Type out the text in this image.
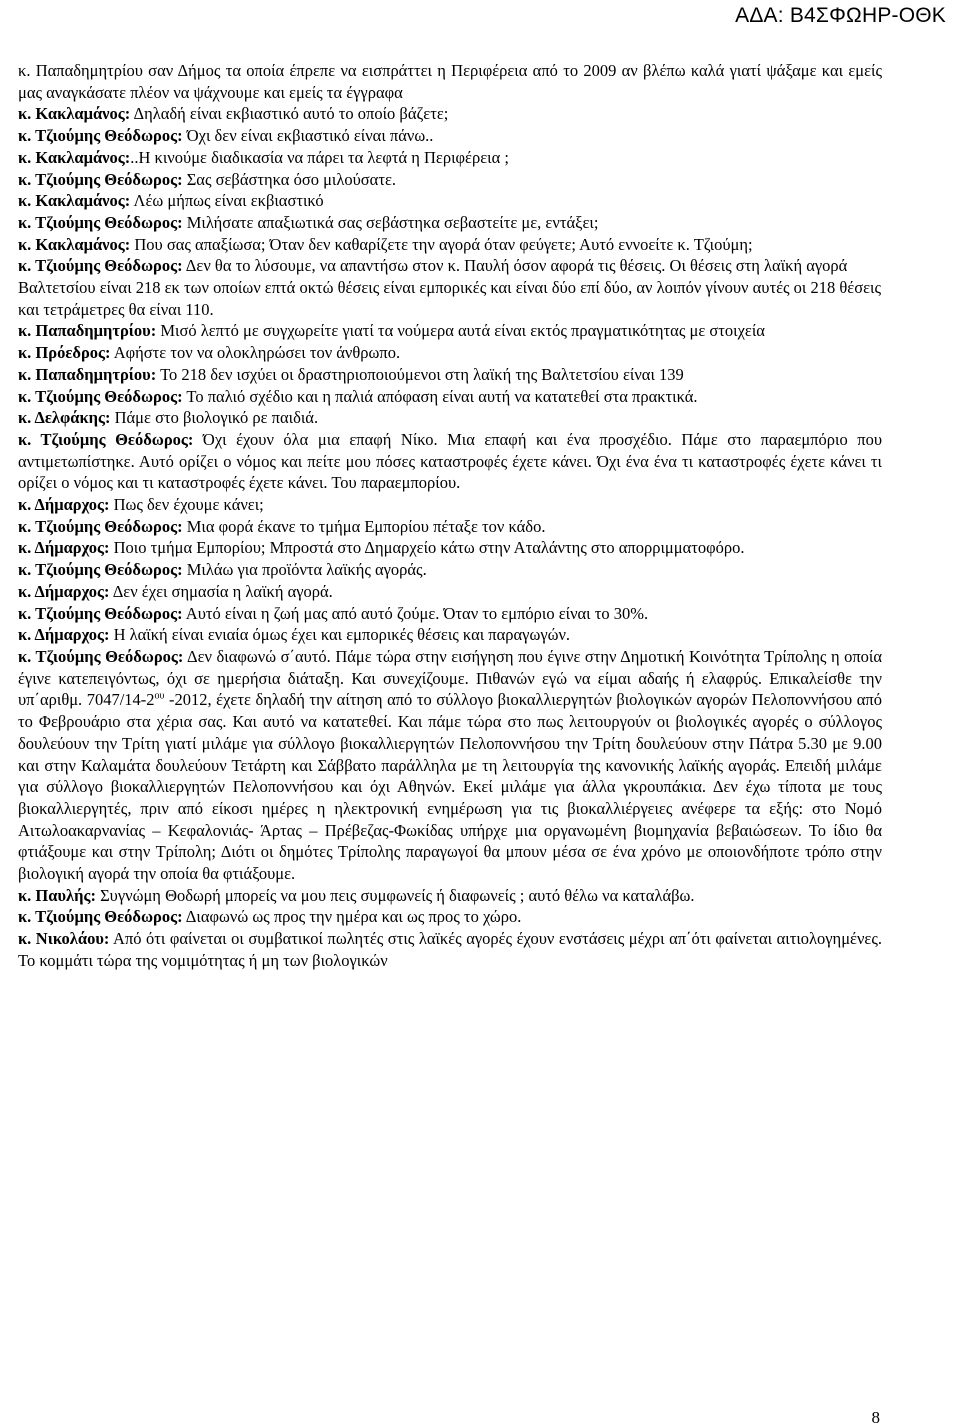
ΑΔΑ: Β4ΣΦΩΗΡ-ΟΘΚ

κ. Παπαδημητρίου σαν Δήμος τα οποία έπρεπε να εισπράττει η Περιφέρεια από το 2009 αν βλέπω καλά γιατί ψάξαμε και εμείς μας αναγκάσατε πλέον να ψάχνουμε και εμείς τα έγγραφα

κ. Κακλαμάνος: Δηλαδή είναι εκβιαστικό αυτό το οποίο βάζετε;

κ. Τζιούμης Θεόδωρος: Όχι δεν είναι εκβιαστικό είναι πάνω..

κ. Κακλαμάνος:..Η κινούμε διαδικασία να πάρει τα λεφτά η Περιφέρεια ;

κ. Τζιούμης Θεόδωρος: Σας σεβάστηκα όσο μιλούσατε.

κ. Κακλαμάνος: Λέω μήπως είναι εκβιαστικό

κ. Τζιούμης Θεόδωρος: Μιλήσατε απαξιωτικά σας σεβάστηκα σεβαστείτε με, εντάξει;

κ. Κακλαμάνος: Που σας απαξίωσα; Όταν δεν καθαρίζετε την αγορά όταν φεύγετε; Αυτό εννοείτε κ. Τζιούμη;

κ. Τζιούμης Θεόδωρος: Δεν θα το λύσουμε, να απαντήσω στον κ. Παυλή όσον αφορά τις θέσεις. Οι θέσεις στη λαϊκή αγορά Βαλτετσίου είναι 218 εκ των οποίων επτά οκτώ θέσεις είναι εμπορικές και είναι δύο επί δύο, αν λοιπόν γίνουν αυτές οι 218 θέσεις και τετράμετρες θα είναι 110.

κ. Παπαδημητρίου: Μισό λεπτό με συγχωρείτε γιατί τα νούμερα αυτά είναι εκτός πραγματικότητας με στοιχεία

κ. Πρόεδρος: Αφήστε τον να ολοκληρώσει τον άνθρωπο.

κ. Παπαδημητρίου: Το 218 δεν ισχύει οι δραστηριοποιούμενοι στη λαϊκή της Βαλτετσίου είναι 139

κ. Τζιούμης Θεόδωρος: Το παλιό σχέδιο και η παλιά απόφαση είναι αυτή να κατατεθεί στα πρακτικά.

κ. Δελφάκης: Πάμε στο βιολογικό ρε παιδιά.

κ. Τζιούμης Θεόδωρος: Όχι έχουν όλα μια επαφή Νίκο. Μια επαφή και ένα προσχέδιο. Πάμε στο παραεμπόριο που αντιμετωπίστηκε. Αυτό ορίζει ο νόμος και πείτε μου πόσες καταστροφές έχετε κάνει. Όχι ένα ένα τι καταστροφές έχετε κάνει τι ορίζει ο νόμος και τι καταστροφές έχετε κάνει. Του παραεμπορίου.

κ. Δήμαρχος: Πως δεν έχουμε κάνει;

κ. Τζιούμης Θεόδωρος: Μια φορά έκανε το τμήμα Εμπορίου πέταξε τον κάδο.

κ. Δήμαρχος: Ποιο τμήμα Εμπορίου; Μπροστά στο Δημαρχείο κάτω στην Αταλάντης στο απορριμματοφόρο.

κ. Τζιούμης Θεόδωρος: Μιλάω για προϊόντα λαϊκής αγοράς.

κ. Δήμαρχος: Δεν έχει σημασία η λαϊκή αγορά.

κ. Τζιούμης Θεόδωρος: Αυτό είναι η ζωή μας από αυτό ζούμε. Όταν το εμπόριο είναι το 30%.

κ. Δήμαρχος: Η λαϊκή είναι ενιαία όμως έχει και εμπορικές θέσεις και παραγωγών.

κ. Τζιούμης Θεόδωρος: Δεν διαφωνώ σ΄αυτό. Πάμε τώρα στην εισήγηση που έγινε στην Δημοτική Κοινότητα Τρίπολης η οποία έγινε κατεπειγόντως, όχι σε ημερήσια διάταξη. Και συνεχίζουμε. Πιθανών εγώ να είμαι αδαής ή ελαφρύς. Επικαλείσθε την υπ΄αριθμ. $7047/14-2^{o\upsilon}$ -2012, έχετε δηλαδή την αίτηση από το σύλλογο βιοκαλλιεργητών βιολογικών αγορών Πελοποννήσου από το Φεβρουάριο στα χέρια σας. Και αυτό να κατατεθεί. Και πάμε τώρα στο πως λειτουργούν οι βιολογικές αγορές ο σύλλογος δουλεύουν την Τρίτη γιατί μιλάμε για σύλλογο βιοκαλλιεργητών Πελοποννήσου την Τρίτη δουλεύουν στην Πάτρα 5.30 με 9.00 και στην Καλαμάτα δουλεύουν Τετάρτη και Σάββατο παράλληλα με τη λειτουργία της κανονικής λαϊκής αγοράς. Επειδή μιλάμε για σύλλογο βιοκαλλιεργητών Πελοποννήσου και όχι Αθηνών. Εκεί μιλάμε για άλλα γκρουπάκια. Δεν έχω τίποτα με τους βιοκαλλιεργητές, πριν από είκοσι ημέρες η ηλεκτρονική ενημέρωση για τις βιοκαλλιέργειες ανέφερε τα εξής: στο Νομό Αιτωλοακαρνανίας – Κεφαλονιάς- Άρτας – Πρέβεζας-Φωκίδας υπήρχε μια οργανωμένη βιομηχανία βεβαιώσεων. Το ίδιο θα φτιάξουμε και στην Τρίπολη; Διότι οι δημότες Τρίπολης παραγωγοί θα μπουν μέσα σε ένα χρόνο με οποιονδήποτε τρόπο στην βιολογική αγορά την οποία θα φτιάξουμε.

κ. Παυλής: Συγνώμη Θοδωρή μπορείς να μου πεις συμφωνείς ή διαφωνείς ; αυτό θέλω να καταλάβω.

κ. Τζιούμης Θεόδωρος: Διαφωνώ ως προς την ημέρα και ως προς το χώρο.

κ. Νικολάου: Από ότι φαίνεται οι συμβατικοί πωλητές στις λαϊκές αγορές έχουν ενστάσεις μέχρι απ΄ότι φαίνεται αιτιολογημένες. Το κομμάτι τώρα της νομιμότητας ή μη των βιολογικών

8
